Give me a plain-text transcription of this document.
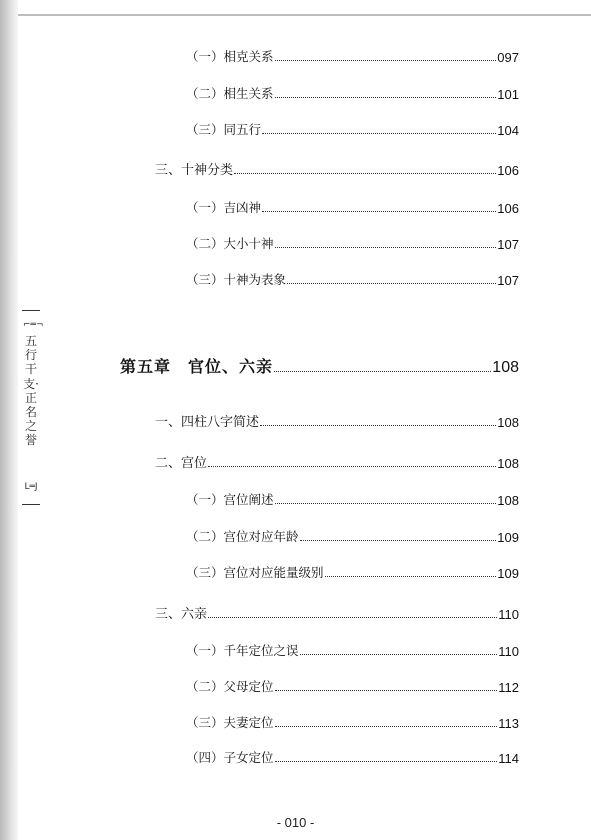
⌐═¬
五行干支·正名之誉
L═J
（一）相克关系	097
（二）相生关系	101
（三）同五行	104
三、十神分类	106
（一）吉凶神	106
（二）大小十神	107
（三）十神为表象	107
第五章　官位、六亲	108
一、四柱八字简述	108
二、宫位	108
（一）宫位阐述	108
（二）宫位对应年龄	109
（三）宫位对应能量级别	109
三、六亲	110
（一）千年定位之误	110
（二）父母定位	112
（三）夫妻定位	113
（四）子女定位	114
- 010 -
